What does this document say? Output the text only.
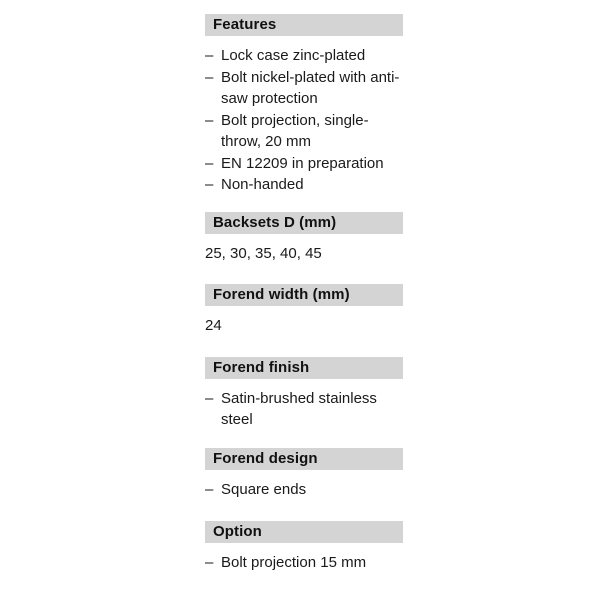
Features
– Lock case zinc-plated
– Bolt nickel-plated with anti-saw protection
– Bolt projection, single-throw, 20 mm
– EN 12209 in preparation
– Non-handed
Backsets D (mm)
25, 30, 35, 40, 45
Forend width (mm)
24
Forend finish
– Satin-brushed stainless steel
Forend design
– Square ends
Option
– Bolt projection 15 mm
